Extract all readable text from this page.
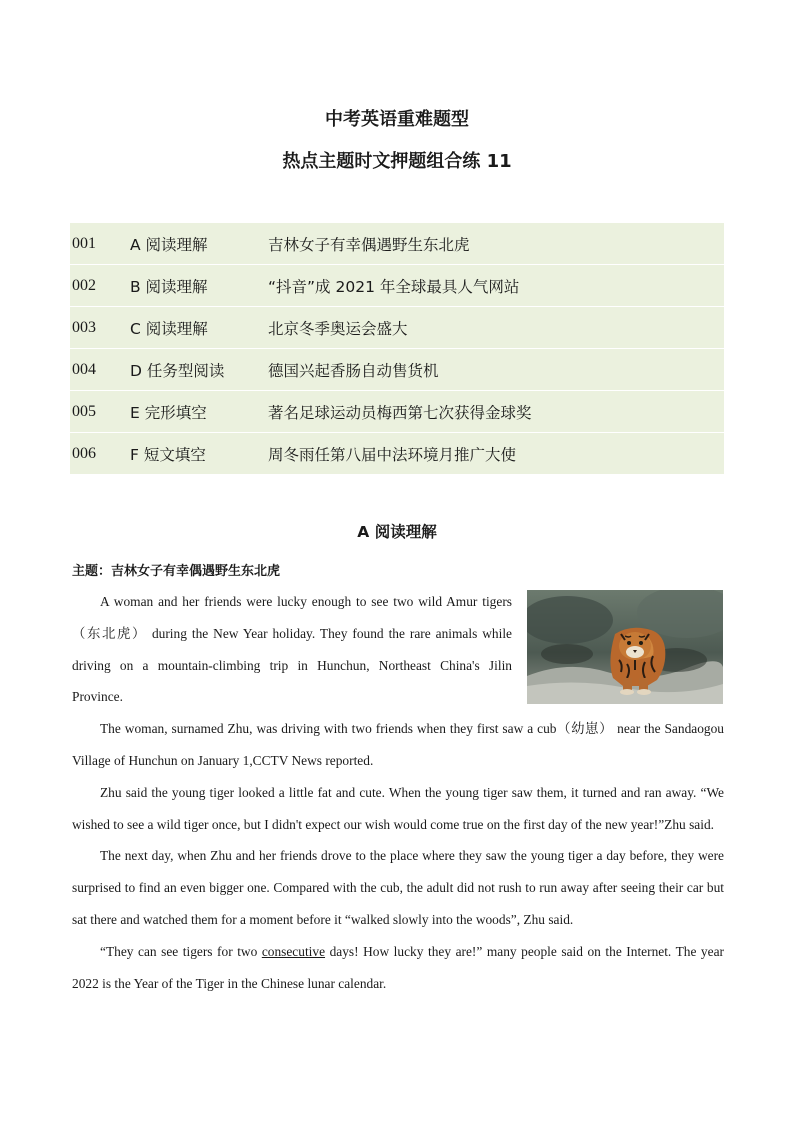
中考英语重难题型
热点主题时文押题组合练 11
001	A 阅读理解	吉林女子有幸偶遇野生东北虎
002	B 阅读理解	“抖音”成 2021 年全球最具人气网站
003	C 阅读理解	北京冬季奥运会盛大
004	D 任务型阅读	德国兴起香肠自动售货机
005	E 完形填空	著名足球运动员梅西第七次获得金球奖
006	F 短文填空	周冬雨任第八届中法环境月推广大使
A 阅读理解
主题：吉林女子有幸偶遇野生东北虎

A woman and her friends were lucky enough to see two wild Amur tigers（东北虎） during the New Year holiday. They found the rare animals while driving on a mountain-climbing trip in Hunchun, Northeast China's Jilin Province.

The woman, surnamed Zhu, was driving with two friends when they first saw a cub（幼崽） near the Sandaogou Village of Hunchun on January 1,CCTV News reported.

Zhu said the young tiger looked a little fat and cute. When the young tiger saw them, it turned and ran away. “We wished to see a wild tiger once, but I didn't expect our wish would come true on the first day of the new year!”Zhu said.

The next day, when Zhu and her friends drove to the place where they saw the young tiger a day before, they were surprised to find an even bigger one. Compared with the cub, the adult did not rush to run away after seeing their car but sat there and watched them for a moment before it “walked slowly into the woods”, Zhu said.

“They can see tigers for two consecutive days! How lucky they are!” many people said on the Internet. The year 2022 is the Year of the Tiger in the Chinese lunar calendar.
